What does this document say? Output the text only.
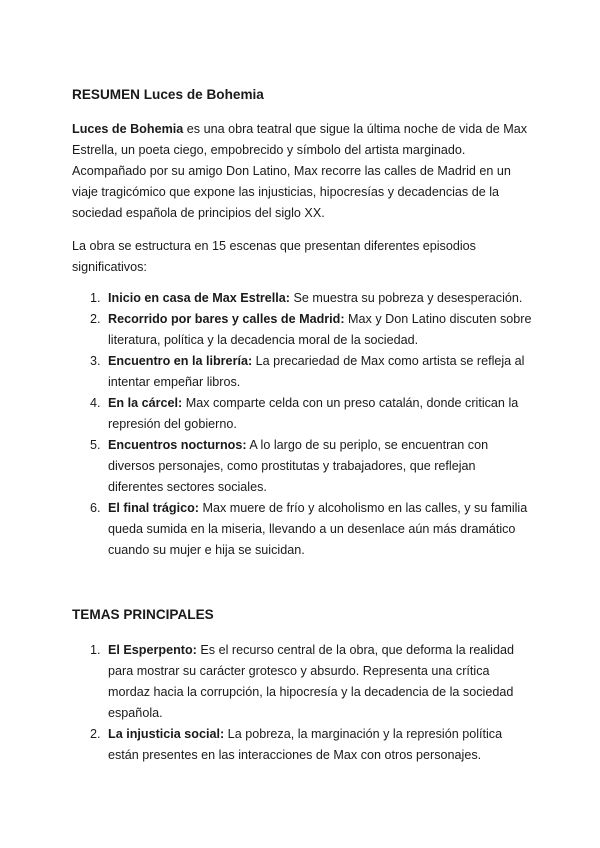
RESUMEN Luces de Bohemia

Luces de Bohemia es una obra teatral que sigue la última noche de vida de Max Estrella, un poeta ciego, empobrecido y símbolo del artista marginado. Acompañado por su amigo Don Latino, Max recorre las calles de Madrid en un viaje tragicómico que expone las injusticias, hipocresías y decadencias de la sociedad española de principios del siglo XX.

La obra se estructura en 15 escenas que presentan diferentes episodios significativos:

1. Inicio en casa de Max Estrella: Se muestra su pobreza y desesperación.
2. Recorrido por bares y calles de Madrid: Max y Don Latino discuten sobre literatura, política y la decadencia moral de la sociedad.
3. Encuentro en la librería: La precariedad de Max como artista se refleja al intentar empeñar libros.
4. En la cárcel: Max comparte celda con un preso catalán, donde critican la represión del gobierno.
5. Encuentros nocturnos: A lo largo de su periplo, se encuentran con diversos personajes, como prostitutas y trabajadores, que reflejan diferentes sectores sociales.
6. El final trágico: Max muere de frío y alcoholismo en las calles, y su familia queda sumida en la miseria, llevando a un desenlace aún más dramático cuando su mujer e hija se suicidan.
TEMAS PRINCIPALES
1. El Esperpento: Es el recurso central de la obra, que deforma la realidad para mostrar su carácter grotesco y absurdo. Representa una crítica mordaz hacia la corrupción, la hipocresía y la decadencia de la sociedad española.
2. La injusticia social: La pobreza, la marginación y la represión política están presentes en las interacciones de Max con otros personajes.
